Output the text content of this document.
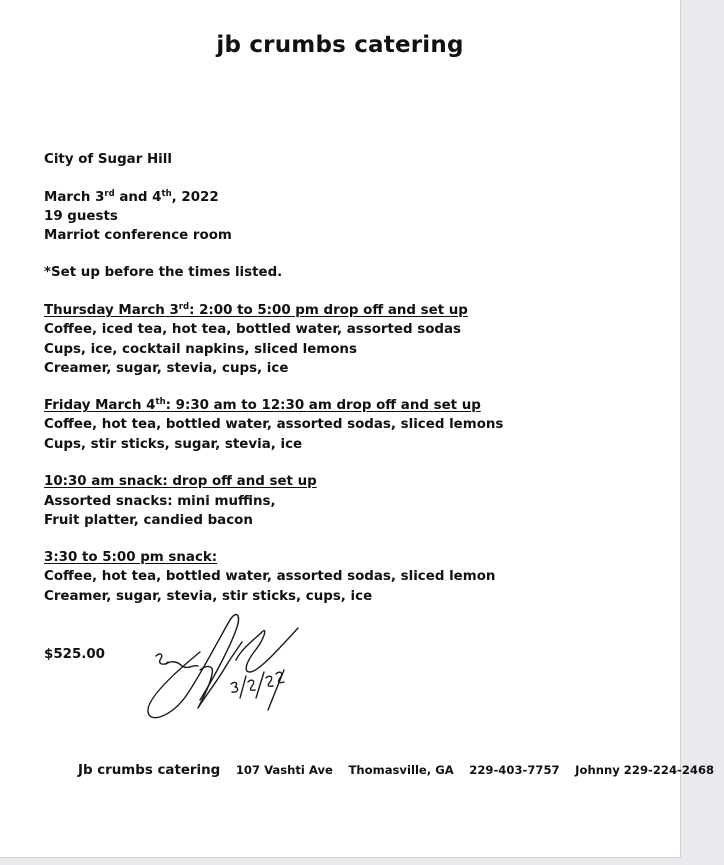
jb crumbs catering
City of Sugar Hill
March 3rd and 4th, 2022
19 guests
Marriot conference room
*Set up before the times listed.
Thursday March 3rd: 2:00 to 5:00 pm drop off and set up
Coffee, iced tea, hot tea, bottled water, assorted sodas
Cups, ice, cocktail napkins, sliced lemons
Creamer, sugar, stevia, cups, ice
Friday March 4th: 9:30 am to 12:30 am drop off and set up
Coffee, hot tea, bottled water, assorted sodas, sliced lemons
Cups, stir sticks, sugar, stevia, ice
10:30 am snack: drop off and set up
Assorted snacks: mini muffins,
Fruit platter, candied bacon
3:30 to 5:00 pm snack:
Coffee, hot tea, bottled water, assorted sodas, sliced lemon
Creamer, sugar, stevia, stir sticks, cups, ice
$525.00
Jb crumbs catering 107 Vashti Ave Thomasville, GA 229-403-7757 Johnny 229-224-2468
